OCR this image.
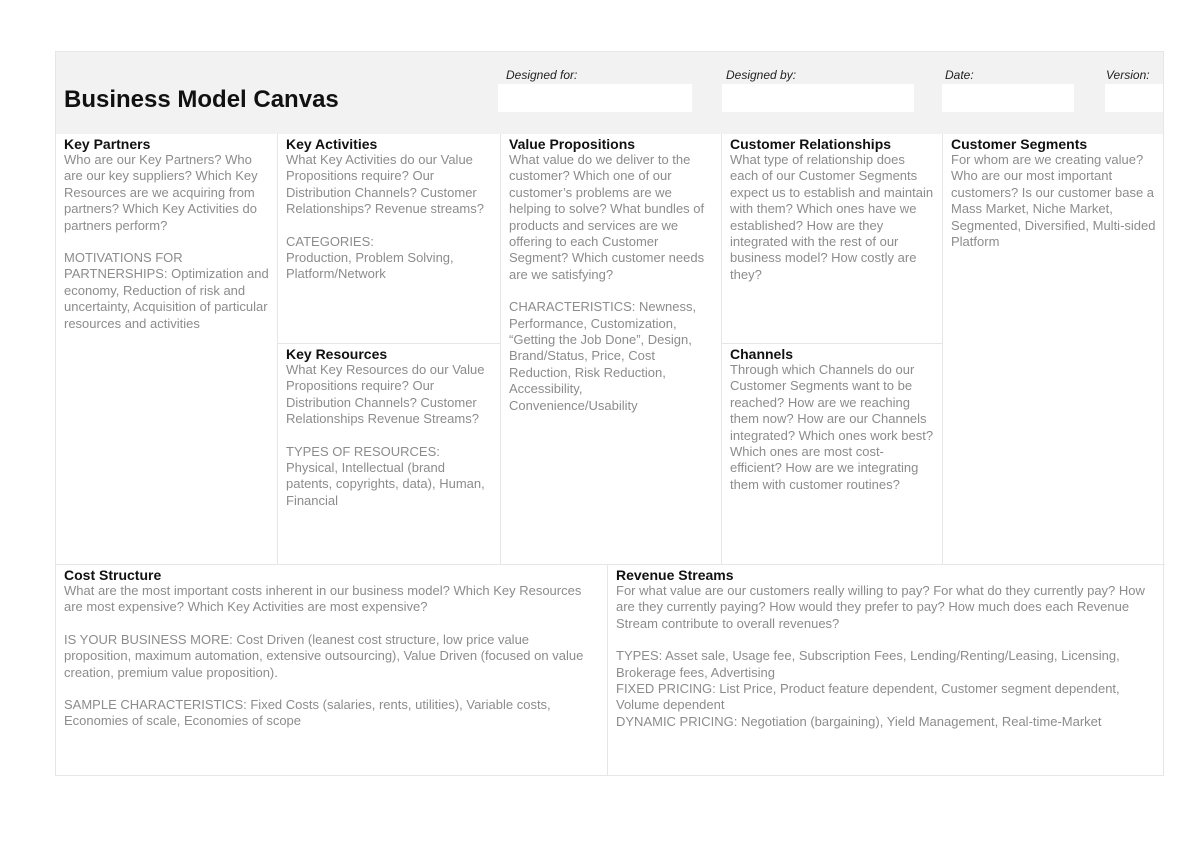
Business Model Canvas
Designed for:	Designed by:	Date:	Version:
Key Partners
Who are our Key Partners? Who are our key suppliers? Which Key Resources are we acquiring from partners? Which Key Activities do partners perform?
MOTIVATIONS FOR PARTNERSHIPS: Optimization and economy, Reduction of risk and uncertainty, Acquisition of particular resources and activities
Key Activities
What Key Activities do our Value Propositions require? Our Distribution Channels? Customer Relationships? Revenue streams?
CATEGORIES:
Production, Problem Solving, Platform/Network
Key Resources
What Key Resources do our Value Propositions require? Our Distribution Channels? Customer Relationships Revenue Streams?
TYPES OF RESOURCES: Physical, Intellectual (brand patents, copyrights, data), Human, Financial
Value Propositions
What value do we deliver to the customer? Which one of our customer’s problems are we helping to solve? What bundles of products and services are we offering to each Customer Segment? Which customer needs are we satisfying?
CHARACTERISTICS: Newness, Performance, Customization, “Getting the Job Done”, Design, Brand/Status, Price, Cost Reduction, Risk Reduction, Accessibility, Convenience/Usability
Customer Relationships
What type of relationship does each of our Customer Segments expect us to establish and maintain with them? Which ones have we established? How are they integrated with the rest of our business model? How costly are they?
Channels
Through which Channels do our Customer Segments want to be reached? How are we reaching them now? How are our Channels integrated? Which ones work best? Which ones are most cost-efficient? How are we integrating them with customer routines?
Customer Segments
For whom are we creating value? Who are our most important customers? Is our customer base a Mass Market, Niche Market, Segmented, Diversified, Multi-sided Platform
Cost Structure
What are the most important costs inherent in our business model? Which Key Resources are most expensive? Which Key Activities are most expensive?
IS YOUR BUSINESS MORE: Cost Driven (leanest cost structure, low price value proposition, maximum automation, extensive outsourcing), Value Driven (focused on value creation, premium value proposition).
SAMPLE CHARACTERISTICS: Fixed Costs (salaries, rents, utilities), Variable costs, Economies of scale, Economies of scope
Revenue Streams
For what value are our customers really willing to pay? For what do they currently pay? How are they currently paying? How would they prefer to pay? How much does each Revenue Stream contribute to overall revenues?
TYPES: Asset sale, Usage fee, Subscription Fees, Lending/Renting/Leasing, Licensing, Brokerage fees, Advertising
FIXED PRICING: List Price, Product feature dependent, Customer segment dependent, Volume dependent
DYNAMIC PRICING: Negotiation (bargaining), Yield Management, Real-time-Market
